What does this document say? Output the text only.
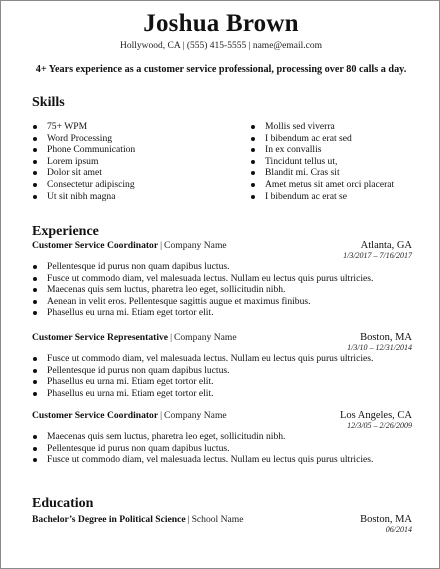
Joshua Brown
Hollywood, CA | (555) 415-5555 | name@email.com
4+ Years experience as a customer service professional, processing over 80 calls a day.
Skills
75+ WPM
Word Processing
Phone Communication
Lorem ipsum
Dolor sit amet
Consectetur adipiscing
Ut sit nibh magna
Mollis sed viverra
I bibendum ac erat sed
In ex convallis
Tincidunt tellus ut,
Blandit mi. Cras sit
Amet metus sit amet orci placerat
I bibendum ac erat se
Experience
Customer Service Coordinator | Company Name	Atlanta, GA
1/3/2017 – 7/16/2017
Pellentesque id purus non quam dapibus luctus.
Fusce ut commodo diam, vel malesuada lectus. Nullam eu lectus quis purus ultricies.
Maecenas quis sem luctus, pharetra leo eget, sollicitudin nibh.
Aenean in velit eros. Pellentesque sagittis augue et maximus finibus.
Phasellus eu urna mi. Etiam eget tortor elit.
Customer Service Representative | Company Name	Boston, MA
1/3/10 – 12/31/2014
Fusce ut commodo diam, vel malesuada lectus. Nullam eu lectus quis purus ultricies.
Pellentesque id purus non quam dapibus luctus.
Phasellus eu urna mi. Etiam eget tortor elit.
Phasellus eu urna mi. Etiam eget tortor elit.
Customer Service Coordinator | Company Name	Los Angeles, CA
12/3/05 – 2/26/2009
Maecenas quis sem luctus, pharetra leo eget, sollicitudin nibh.
Pellentesque id purus non quam dapibus luctus.
Fusce ut commodo diam, vel malesuada lectus. Nullam eu lectus quis purus ultricies.
Education
Bachelor’s Degree in Political Science | School Name	Boston, MA
06/2014
